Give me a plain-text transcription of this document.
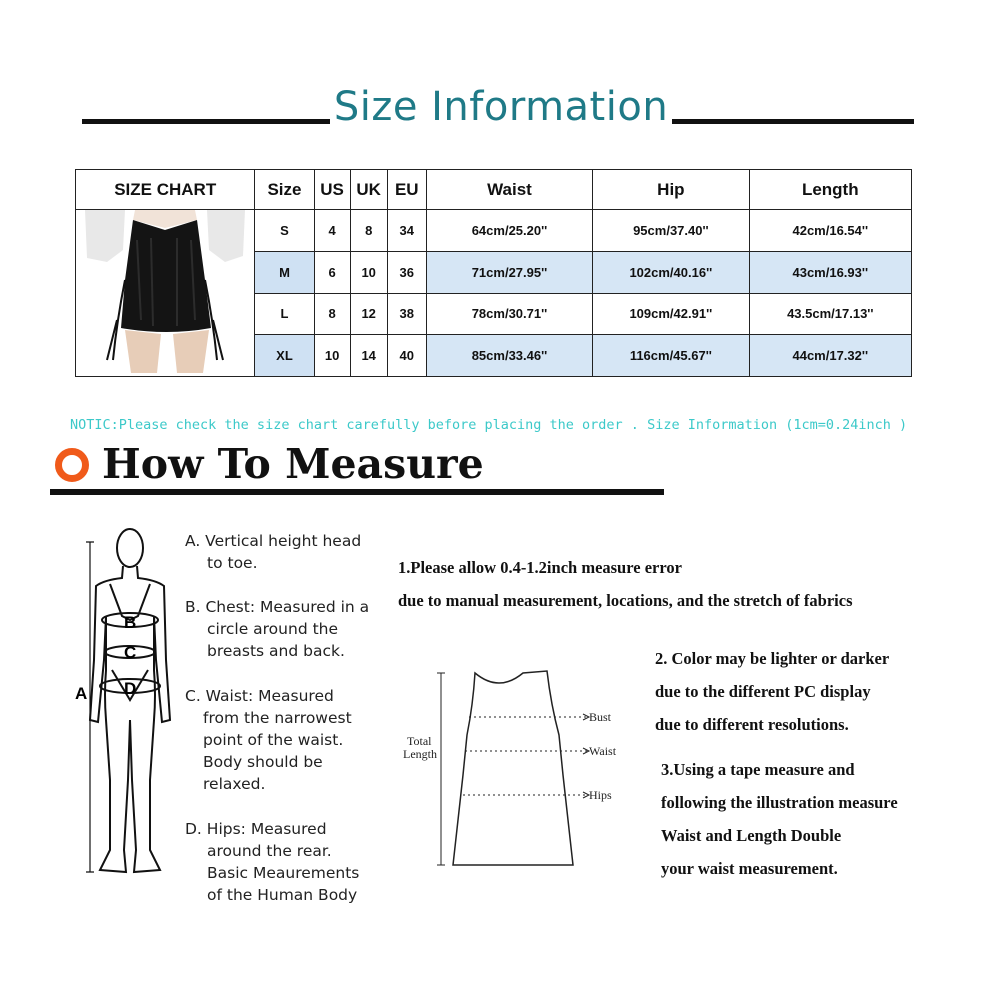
Size Information
SIZE CHART	Size	US	UK	EU	Waist	Hip	Length
	S	4	8	34	64cm/25.20''	95cm/37.40''	42cm/16.54''
	M	6	10	36	71cm/27.95''	102cm/40.16''	43cm/16.93''
	L	8	12	38	78cm/30.71''	109cm/42.91''	43.5cm/17.13''
	XL	10	14	40	85cm/33.46''	116cm/45.67''	44cm/17.32''
NOTIC:Please check the size chart carefully before placing the order . Size Information (1cm=0.24inch )
How To Measure
B
C
D
A
A. Vertical height head
to toe.
B. Chest: Measured in a
circle around the
breasts and back.
C. Waist: Measured
from the narrowest
point of the waist.
Body should be
relaxed.
D. Hips: Measured
around the rear.
Basic Meaurements
of the Human Body
1.Please allow 0.4-1.2inch measure error
due to manual measurement, locations, and the stretch of fabrics
2. Color may be lighter or darker
due to the different PC display
due to different resolutions.
3.Using a tape measure and
following the illustration measure
Waist and Length Double
your waist measurement.
Total
Length
Bust
Waist
Hips
